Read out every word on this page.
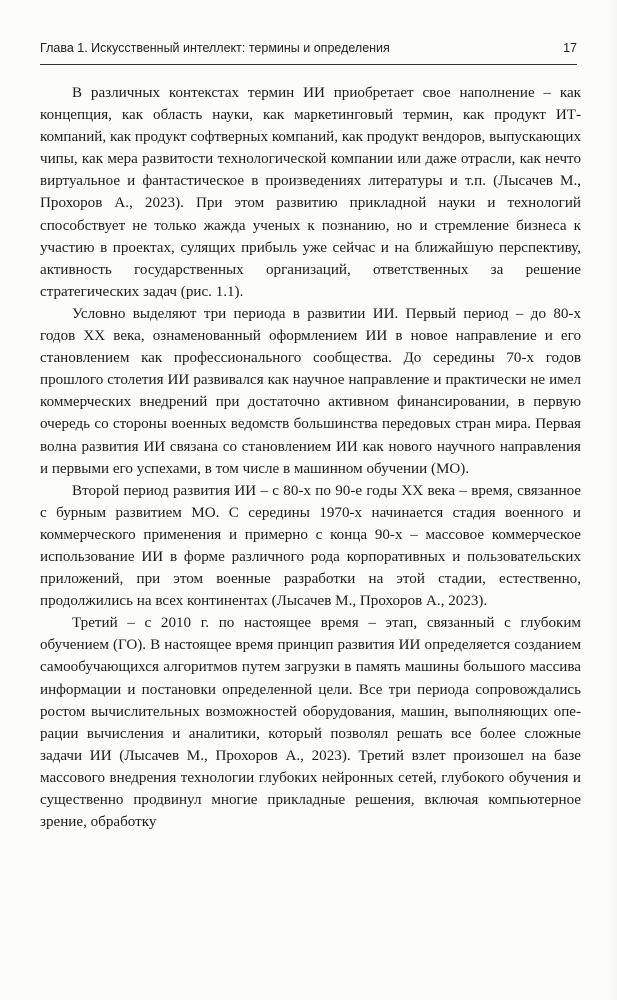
Глава 1. Искусственный интеллект: термины и определения	17

В различных контекстах термин ИИ приобретает свое наполнение – как концепция, как область науки, как маркетинговый термин, как продукт ИТ-компаний, как продукт софтверных компаний, как продукт вендоров, выпускающих чипы, как мера развитости технологической компании или даже отрасли, как нечто виртуальное и фантастическое в произведениях литературы и т.п. (Лысачев М., Прохоров А., 2023). При этом развитию прикладной науки и технологий способствует не только жажда ученых к познанию, но и стремление бизнеса к участию в проектах, сулящих прибыль уже сейчас и на ближайшую перспективу, активность государственных организаций, ответственных за решение стратегических задач (рис. 1.1).

Условно выделяют три периода в развитии ИИ. Первый период – до 80-х годов ХХ века, ознаменованный оформлением ИИ в новое направление и его становлением как профессионального сообщества. До середины 70-х годов прошлого столетия ИИ развивался как научное направление и практически не имел коммерческих внедрений при достаточно активном финансировании, в первую очередь со стороны военных ведомств большинства передовых стран мира. Первая волна развития ИИ связана со становлением ИИ как нового научного направления и первыми его успехами, в том числе в машинном обучении (МО).

Второй период развития ИИ – с 80-х по 90-е годы ХХ века – время, связанное с бурным развитием МО. С середины 1970-х начинается стадия военного и коммерческого применения и примерно с конца 90-х – массовое коммерческое использование ИИ в форме различного рода корпоративных и пользовательских приложений, при этом военные разработки на этой стадии, естественно, продолжились на всех континентах (Лысачев М., Прохоров А., 2023).

Третий – с 2010 г. по настоящее время – этап, связанный с глубоким обучением (ГО). В настоящее время принцип развития ИИ определяется созданием самообучающихся алгоритмов путем загрузки в память машины большого массива информации и постановки определенной цели. Все три периода сопровождались ростом вычислительных возможностей оборудования, машин, выполняющих операции вычисления и аналитики, который позволял решать все более сложные задачи ИИ (Лысачев М., Прохоров А., 2023). Третий взлет произошел на базе массового внедрения технологии глубоких нейронных сетей, глубокого обучения и существенно продвинул многие прикладные решения, включая компьютерное зрение, обработку
